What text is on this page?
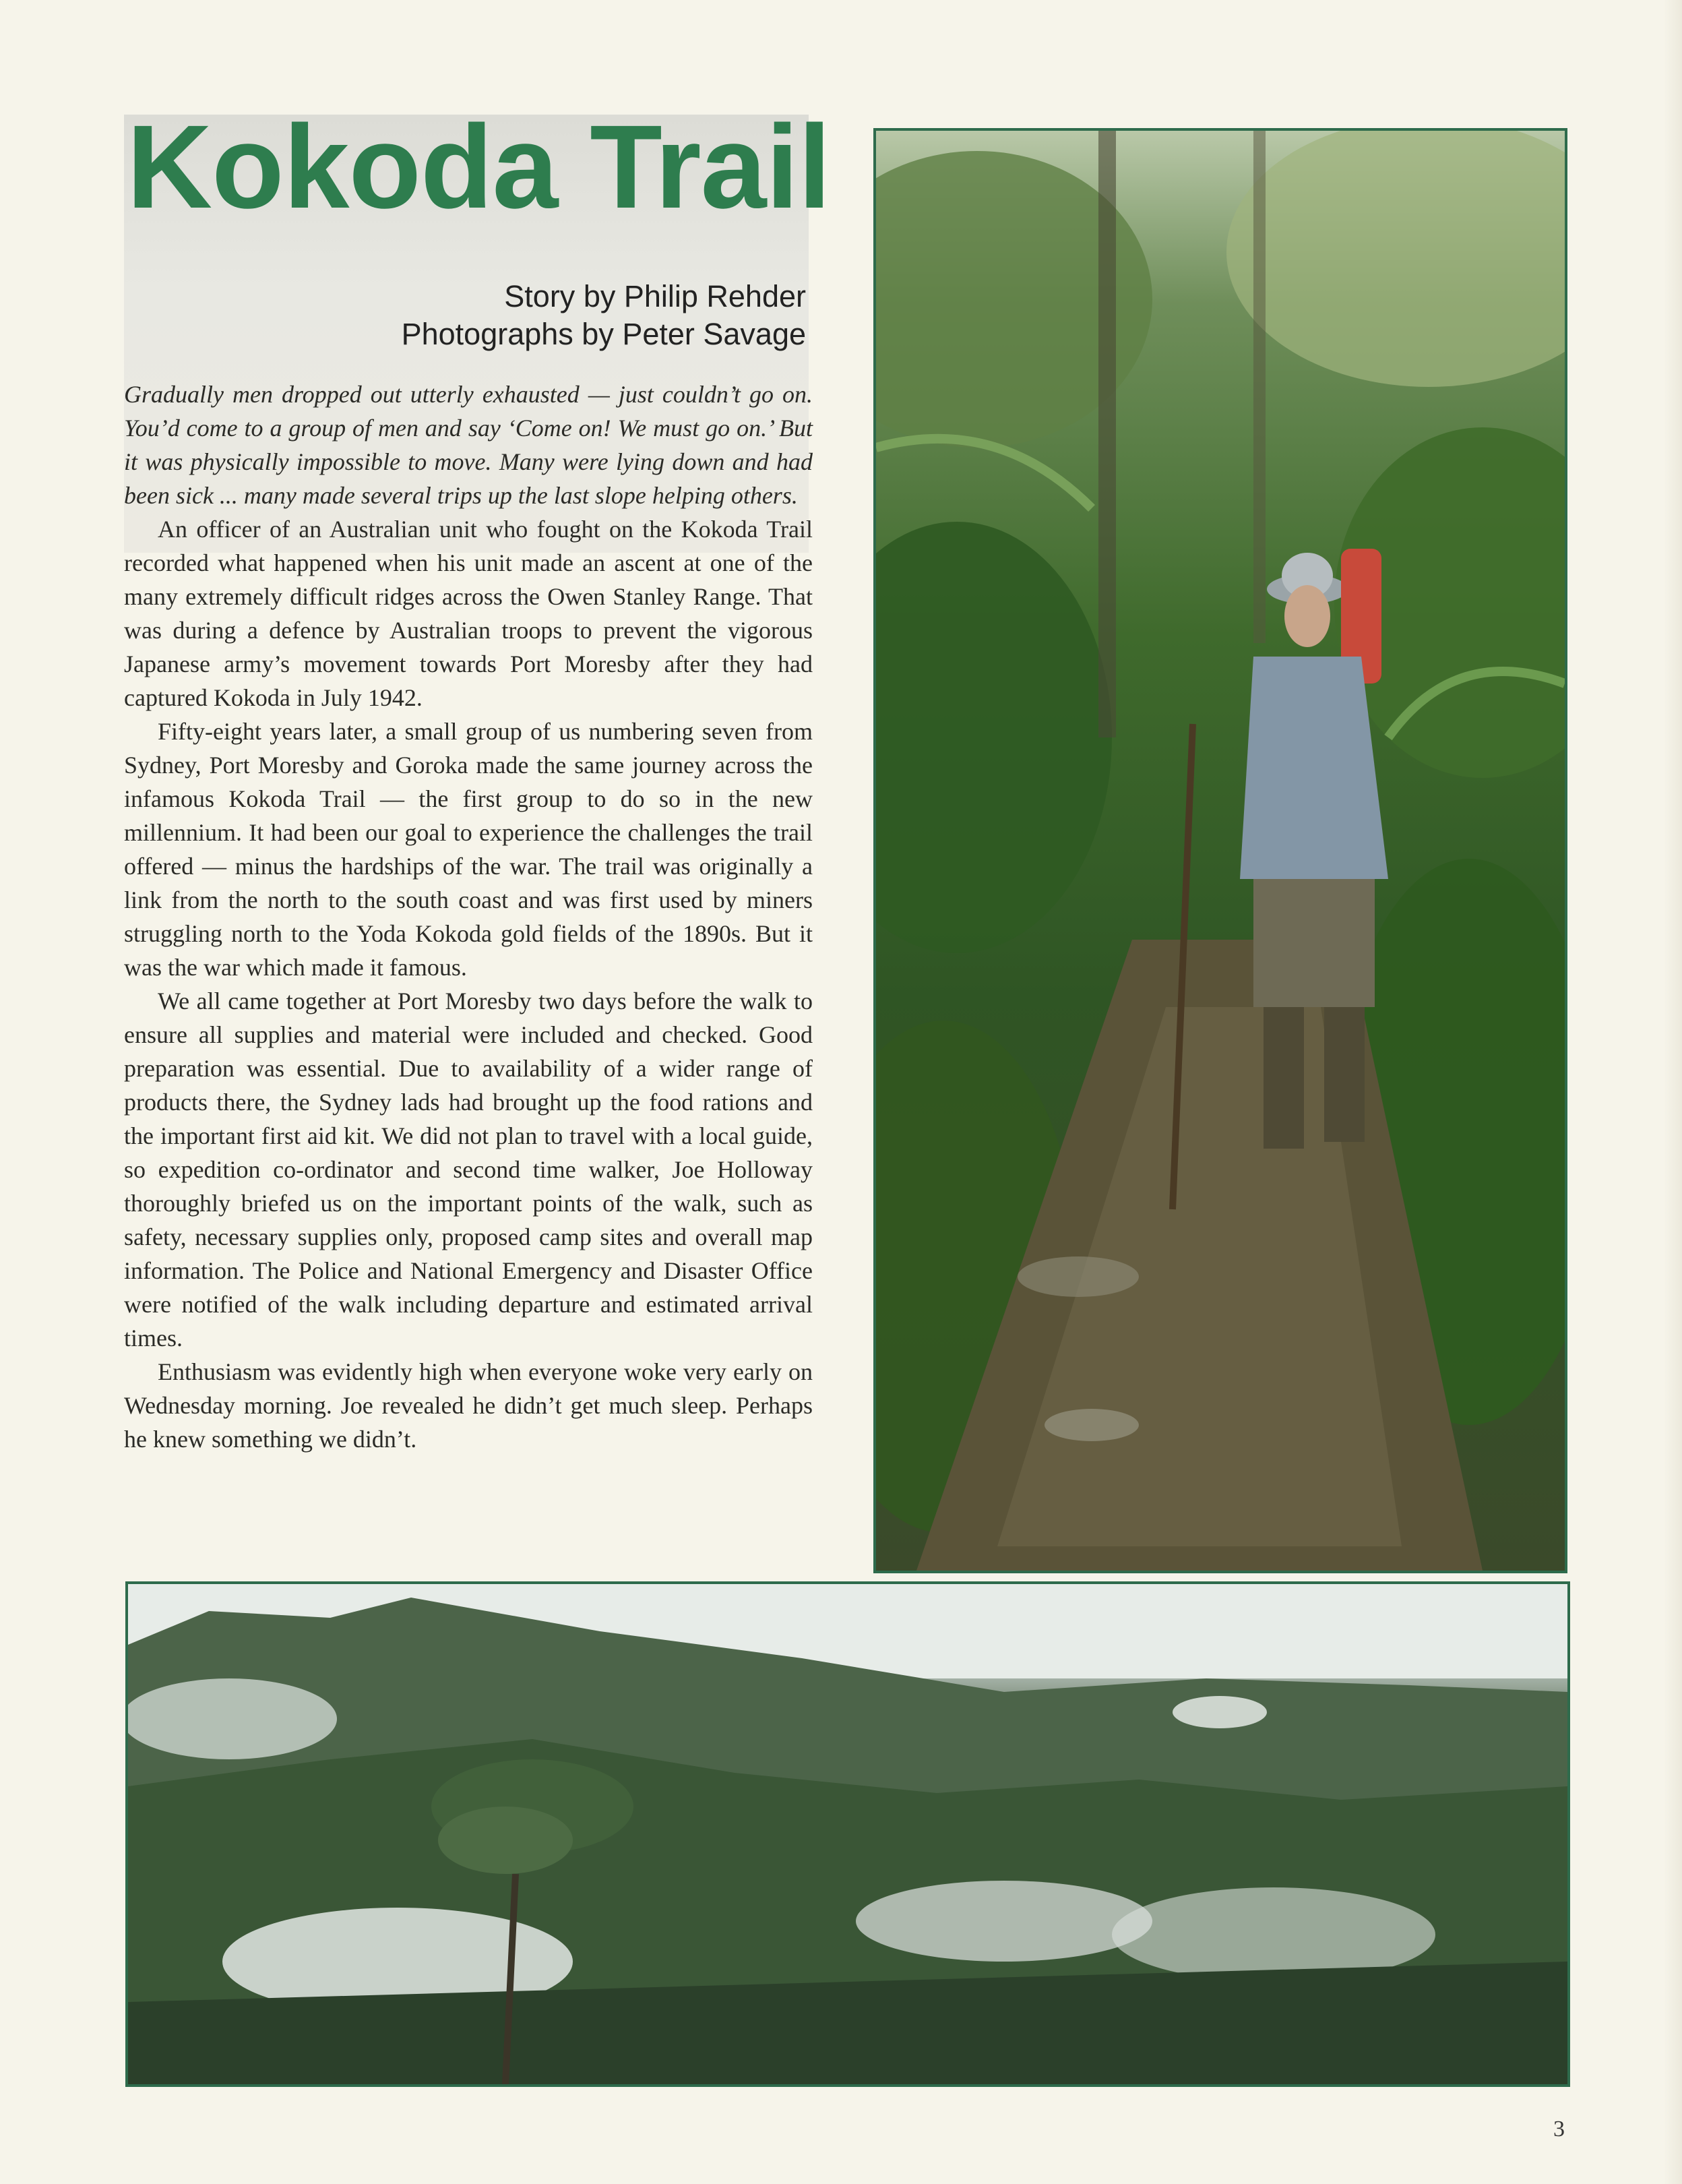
Kokoda Trail
Story by Philip Rehder
Photographs by Peter Savage

Gradually men dropped out utterly exhausted — just couldn’t go on. You’d come to a group of men and say ‘Come on! We must go on.’ But it was physically impossible to move. Many were lying down and had been sick ... many made several trips up the last slope helping others.

An officer of an Australian unit who fought on the Kokoda Trail recorded what happened when his unit made an ascent at one of the many extremely difficult ridges across the Owen Stanley Range. That was during a defence by Australian troops to prevent the vigorous Japanese army’s movement towards Port Moresby after they had captured Kokoda in July 1942.

Fifty-eight years later, a small group of us numbering seven from Sydney, Port Moresby and Goroka made the same journey across the infamous Kokoda Trail — the first group to do so in the new millennium. It had been our goal to experience the challenges the trail offered — minus the hardships of the war. The trail was originally a link from the north to the south coast and was first used by miners struggling north to the Yoda Kokoda gold fields of the 1890s. But it was the war which made it famous.

We all came together at Port Moresby two days before the walk to ensure all supplies and material were included and checked. Good preparation was essential. Due to availability of a wider range of products there, the Sydney lads had brought up the food rations and the important first aid kit. We did not plan to travel with a local guide, so expedition co-ordinator and second time walker, Joe Holloway thoroughly briefed us on the important points of the walk, such as safety, necessary supplies only, proposed camp sites and overall map information. The Police and National Emergency and Disaster Office were notified of the walk including departure and estimated arrival times.

Enthusiasm was evidently high when everyone woke very early on Wednesday morning. Joe revealed he didn’t get much sleep. Perhaps he knew something we didn’t.

3
